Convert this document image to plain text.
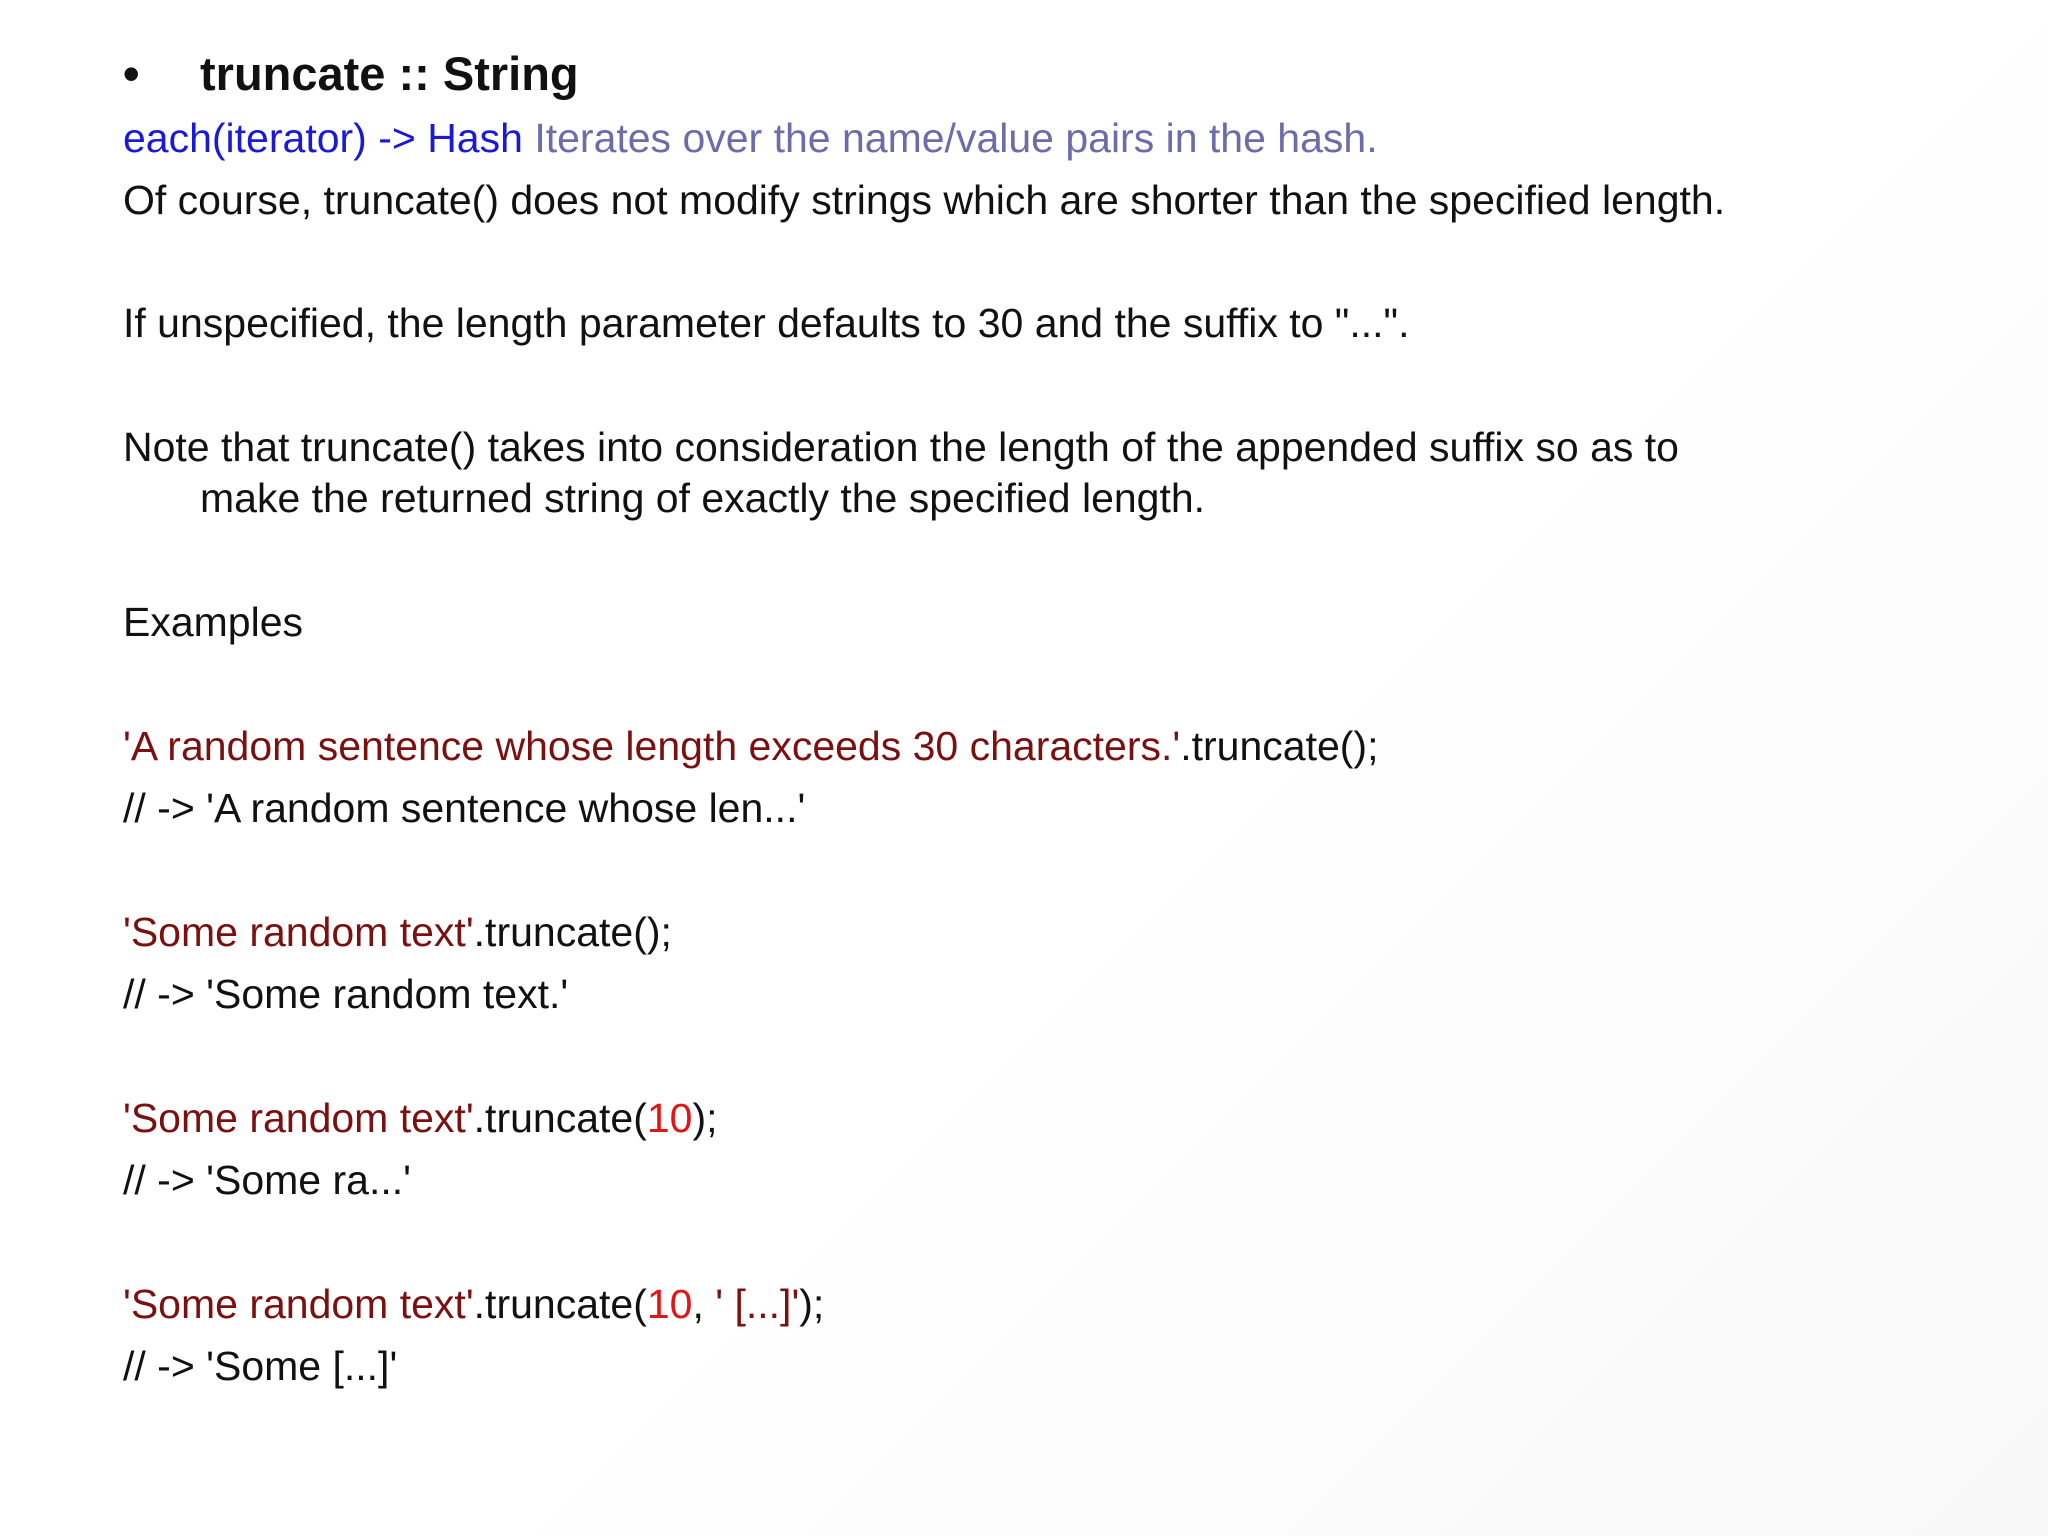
• truncate :: String
each(iterator) -> Hash Iterates over the name/value pairs in the hash.
Of course, truncate() does not modify strings which are shorter than the specified length.
If unspecified, the length parameter defaults to 30 and the suffix to "...".
Note that truncate() takes into consideration the length of the appended suffix so as to
make the returned string of exactly the specified length.
Examples
'A random sentence whose length exceeds 30 characters.'.truncate();
// -> 'A random sentence whose len...'
'Some random text'.truncate();
// -> 'Some random text.'
'Some random text'.truncate(10);
// -> 'Some ra...'
'Some random text'.truncate(10, ' [...]');
// -> 'Some [...]'
